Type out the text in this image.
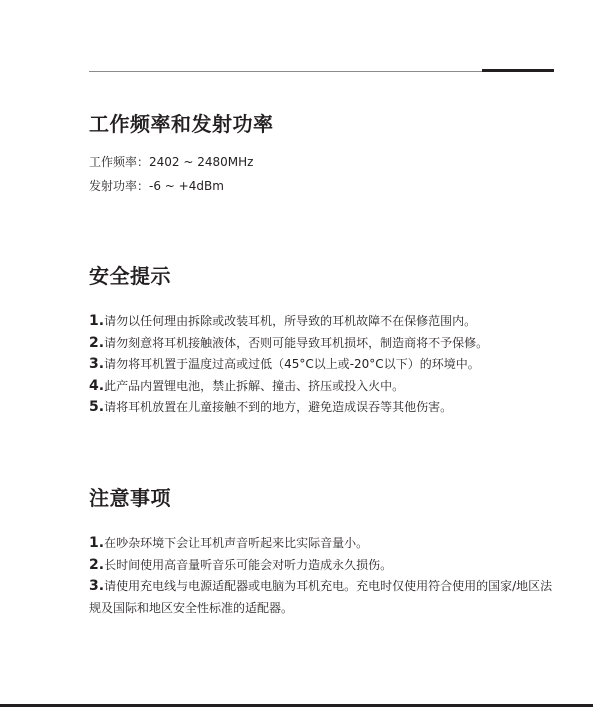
工作频率和发射功率
工作频率：2402 ~ 2480MHz
发射功率：-6 ~ +4dBm
安全提示
1.请勿以任何理由拆除或改装耳机，所导致的耳机故障不在保修范围内。
2.请勿刻意将耳机接触液体，否则可能导致耳机损坏，制造商将不予保修。
3.请勿将耳机置于温度过高或过低（45°C以上或-20°C以下）的环境中。
4.此产品内置锂电池，禁止拆解、撞击、挤压或投入火中。
5.请将耳机放置在儿童接触不到的地方，避免造成误吞等其他伤害。
注意事项
1.在吵杂环境下会让耳机声音听起来比实际音量小。
2.长时间使用高音量听音乐可能会对听力造成永久损伤。
3.请使用充电线与电源适配器或电脑为耳机充电。充电时仅使用符合使用的国家/地区法规及国际和地区安全性标准的适配器。
